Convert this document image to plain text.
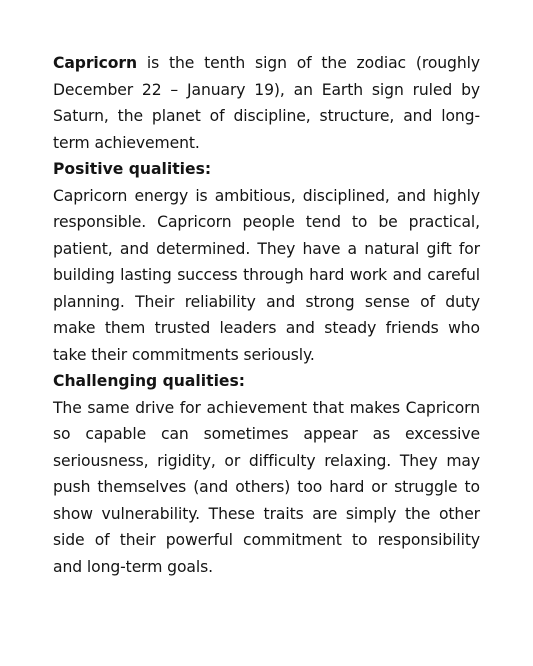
Capricorn is the tenth sign of the zodiac (roughly December 22 – January 19), an Earth sign ruled by Saturn, the planet of discipline, structure, and long-term achievement.

Positive qualities:

Capricorn energy is ambitious, disciplined, and highly responsible. Capricorn people tend to be practical, patient, and determined. They have a natural gift for building lasting success through hard work and careful planning. Their reliability and strong sense of duty make them trusted leaders and steady friends who take their commitments seriously.

Challenging qualities:

The same drive for achievement that makes Capricorn so capable can sometimes appear as excessive seriousness, rigidity, or difficulty relaxing. They may push themselves (and others) too hard or struggle to show vulnerability. These traits are simply the other side of their powerful commitment to responsibility and long-term goals.
